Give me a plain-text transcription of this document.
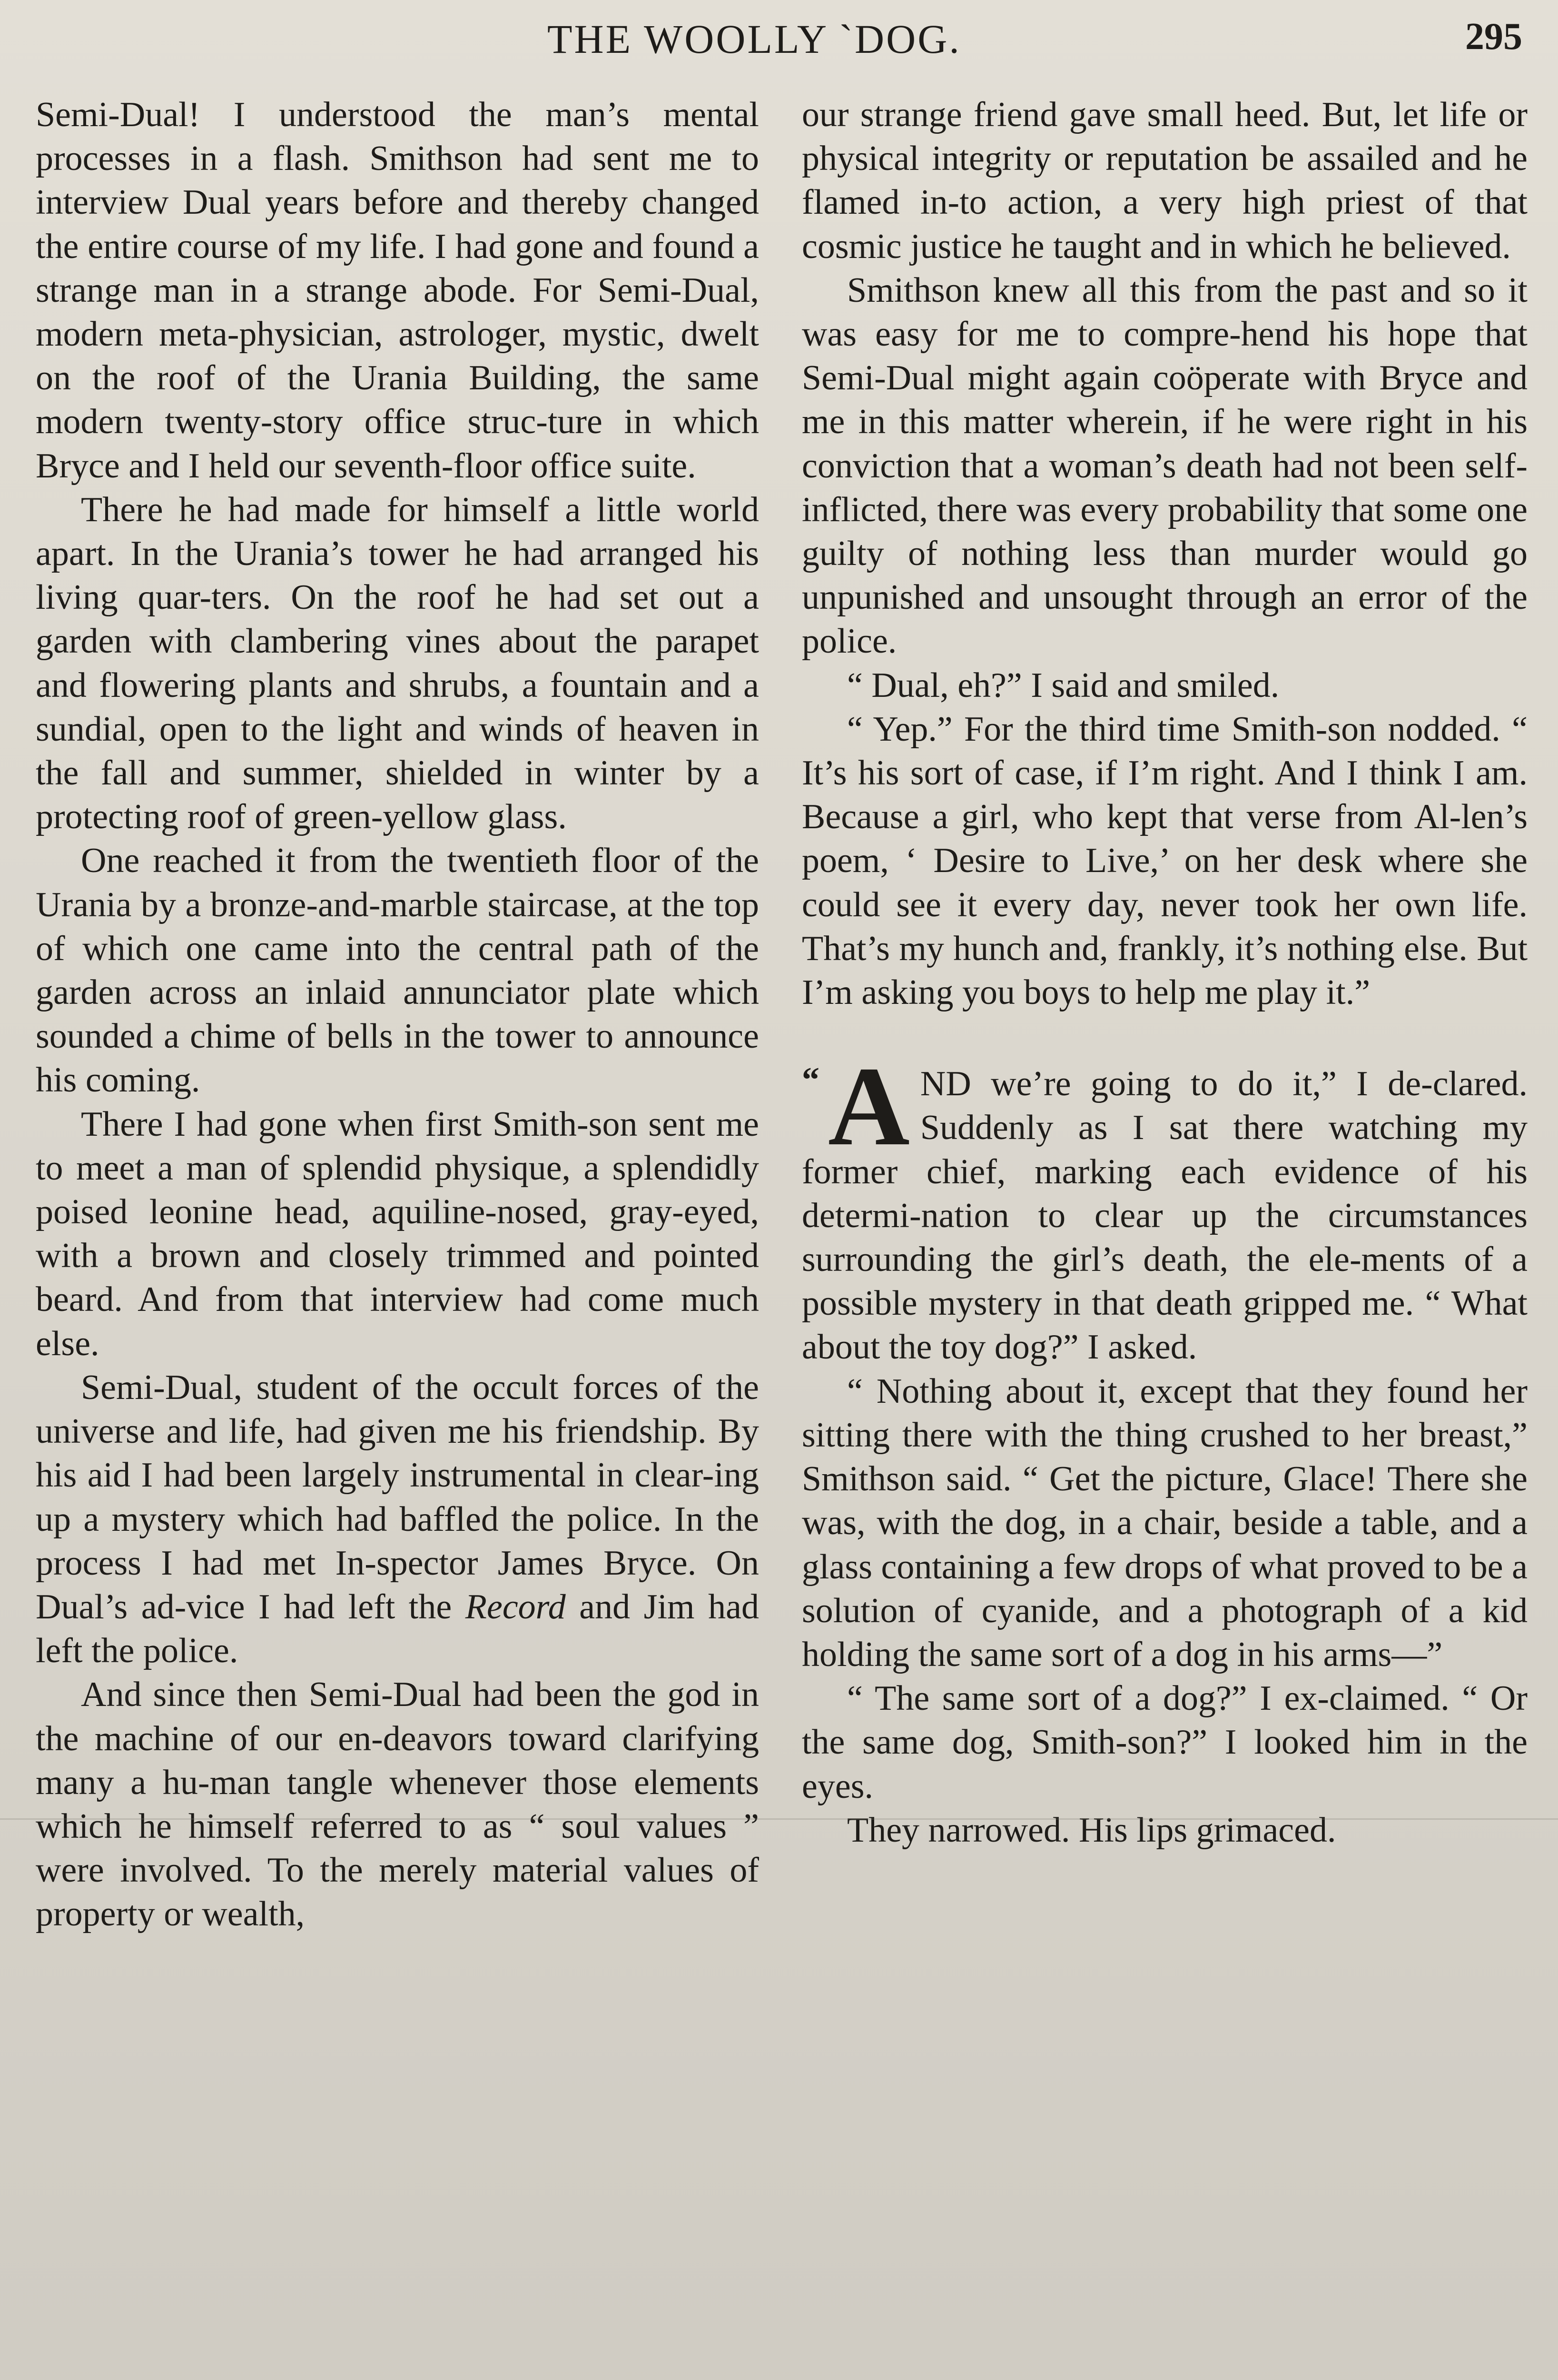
THE WOOLLY `DOG.	295

Semi-Dual! I understood the man’s mental processes in a flash. Smithson had sent me to interview Dual years before and thereby changed the entire course of my life. I had gone and found a strange man in a strange abode. For Semi-Dual, modern meta-physician, astrologer, mystic, dwelt on the roof of the Urania Building, the same modern twenty-story office struc-ture in which Bryce and I held our seventh-floor office suite.

There he had made for himself a little world apart. In the Urania’s tower he had arranged his living quar-ters. On the roof he had set out a garden with clambering vines about the parapet and flowering plants and shrubs, a fountain and a sundial, open to the light and winds of heaven in the fall and summer, shielded in winter by a protecting roof of green-yellow glass.

One reached it from the twentieth floor of the Urania by a bronze-and-marble staircase, at the top of which one came into the central path of the garden across an inlaid annunciator plate which sounded a chime of bells in the tower to announce his coming.

There I had gone when first Smith-son sent me to meet a man of splendid physique, a splendidly poised leonine head, aquiline-nosed, gray-eyed, with a brown and closely trimmed and pointed beard. And from that interview had come much else.

Semi-Dual, student of the occult forces of the universe and life, had given me his friendship. By his aid I had been largely instrumental in clear-ing up a mystery which had baffled the police. In the process I had met In-spector James Bryce. On Dual’s ad-vice I had left the Record and Jim had left the police.

And since then Semi-Dual had been the god in the machine of our en-deavors toward clarifying many a hu-man tangle whenever those elements which he himself referred to as “ soul values ” were involved. To the merely material values of property or wealth,

our strange friend gave small heed. But, let life or physical integrity or reputation be assailed and he flamed in-to action, a very high priest of that cosmic justice he taught and in which he believed.

Smithson knew all this from the past and so it was easy for me to compre-hend his hope that Semi-Dual might again coöperate with Bryce and me in this matter wherein, if he were right in his conviction that a woman’s death had not been self-inflicted, there was every probability that some one guilty of nothing less than murder would go unpunished and unsought through an error of the police.

“ Dual, eh?” I said and smiled.

“ Yep.” For the third time Smith-son nodded. “ It’s his sort of case, if I’m right. And I think I am. Because a girl, who kept that verse from Al-len’s poem, ‘ Desire to Live,’ on her desk where she could see it every day, never took her own life. That’s my hunch and, frankly, it’s nothing else. But I’m asking you boys to help me play it.”

“ A ND we’re going to do it,” I de-clared. Suddenly as I sat there watching my former chief, marking each evidence of his determi-nation to clear up the circumstances surrounding the girl’s death, the ele-ments of a possible mystery in that death gripped me. “ What about the toy dog?” I asked.

“ Nothing about it, except that they found her sitting there with the thing crushed to her breast,” Smithson said. “ Get the picture, Glace! There she was, with the dog, in a chair, beside a table, and a glass containing a few drops of what proved to be a solution of cyanide, and a photograph of a kid holding the same sort of a dog in his arms—”

“ The same sort of a dog?” I ex-claimed. “ Or the same dog, Smith-son?” I looked him in the eyes.

They narrowed. His lips grimaced.
